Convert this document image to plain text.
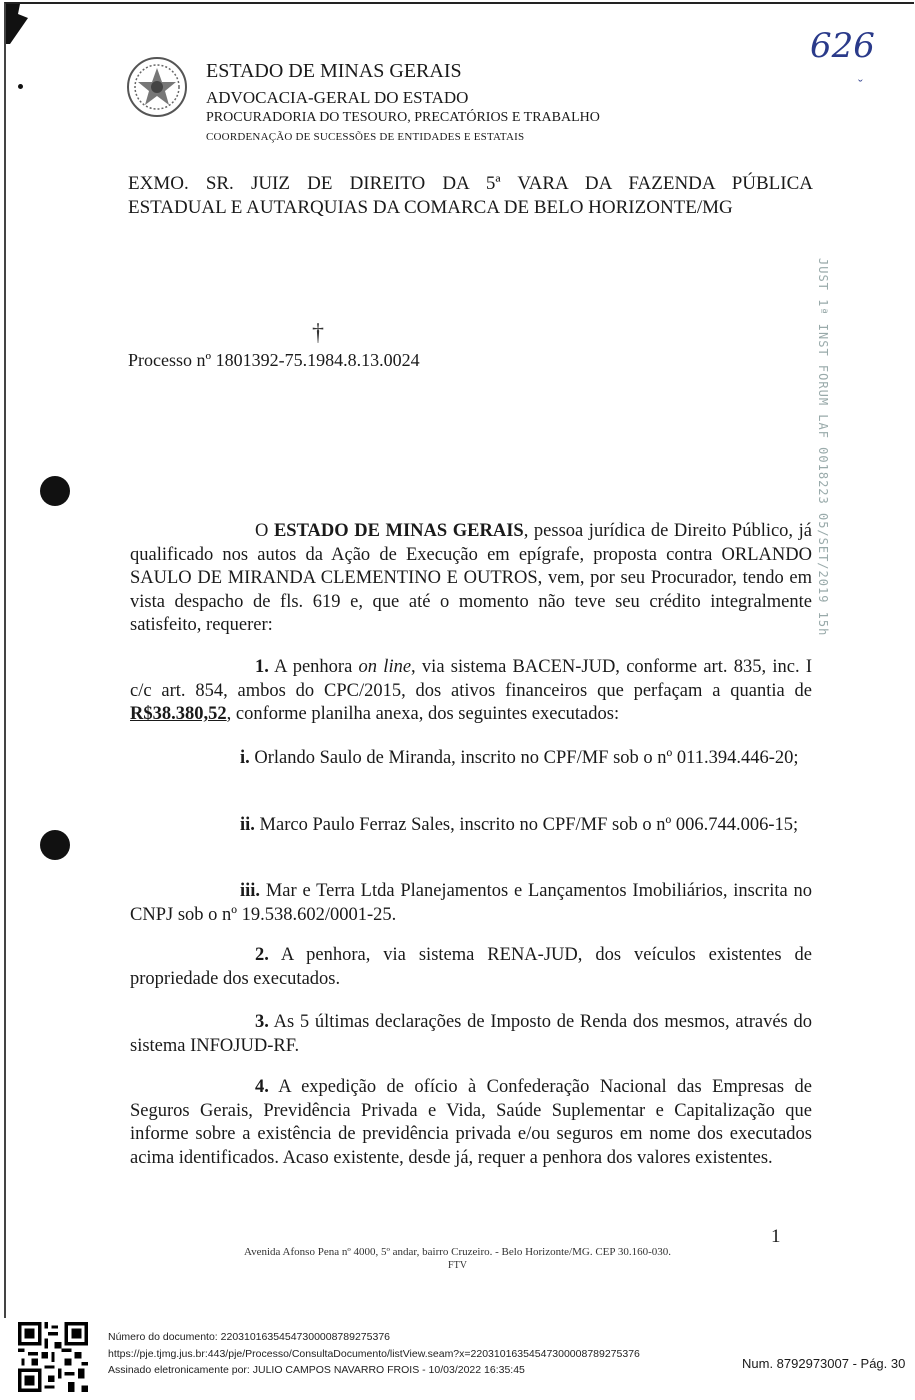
ESTADO DE MINAS GERAIS
ADVOCACIA-GERAL DO ESTADO
PROCURADORIA DO TESOURO, PRECATÓRIOS E TRABALHO
COORDENAÇÃO DE SUCESSÕES DE ENTIDADES E ESTATAIS
626
ˇ
EXMO. SR. JUIZ DE DIREITO DA 5ª VARA DA FAZENDA PÚBLICA
ESTADUAL E AUTARQUIAS DA COMARCA DE BELO HORIZONTE/MG
†
Processo nº 1801392-75.1984.8.13.0024	JUST 1ª INST FORUM LAF 0018223 05/SET/2019 15h
O ESTADO DE MINAS GERAIS, pessoa jurídica de Direito Público, já qualificado nos autos da Ação de Execução em epígrafe, proposta contra ORLANDO SAULO DE MIRANDA CLEMENTINO E OUTROS, vem, por seu Procurador, tendo em vista despacho de fls. 619 e, que até o momento não teve seu crédito integralmente satisfeito, requerer:
1. A penhora on line, via sistema BACEN-JUD, conforme art. 835, inc. I c/c art. 854, ambos do CPC/2015, dos ativos financeiros que perfaçam a quantia de R$38.380,52, conforme planilha anexa, dos seguintes executados:
i. Orlando Saulo de Miranda, inscrito no CPF/MF sob o nº 011.394.446-20;
ii. Marco Paulo Ferraz Sales, inscrito no CPF/MF sob o nº 006.744.006-15;
iii. Mar e Terra Ltda Planejamentos e Lançamentos Imobiliários, inscrita no CNPJ sob o nº 19.538.602/0001-25.
2. A penhora, via sistema RENA-JUD, dos veículos existentes de propriedade dos executados.
3. As 5 últimas declarações de Imposto de Renda dos mesmos, através do sistema INFOJUD-RF.
4. A expedição de ofício à Confederação Nacional das Empresas de Seguros Gerais, Previdência Privada e Vida, Saúde Suplementar e Capitalização que informe sobre a existência de previdência privada e/ou seguros em nome dos executados acima identificados. Acaso existente, desde já, requer a penhora dos valores existentes.
1
Avenida Afonso Pena nº 4000, 5º andar, bairro Cruzeiro. - Belo Horizonte/MG. CEP 30.160-030.
FTV
Número do documento: 22031016354547300008789275376
https://pje.tjmg.jus.br:443/pje/Processo/ConsultaDocumento/listView.seam?x=22031016354547300008789275376
Assinado eletronicamente por: JULIO CAMPOS NAVARRO FROIS - 10/03/2022 16:35:45	Num. 8792973007 - Pág. 30
